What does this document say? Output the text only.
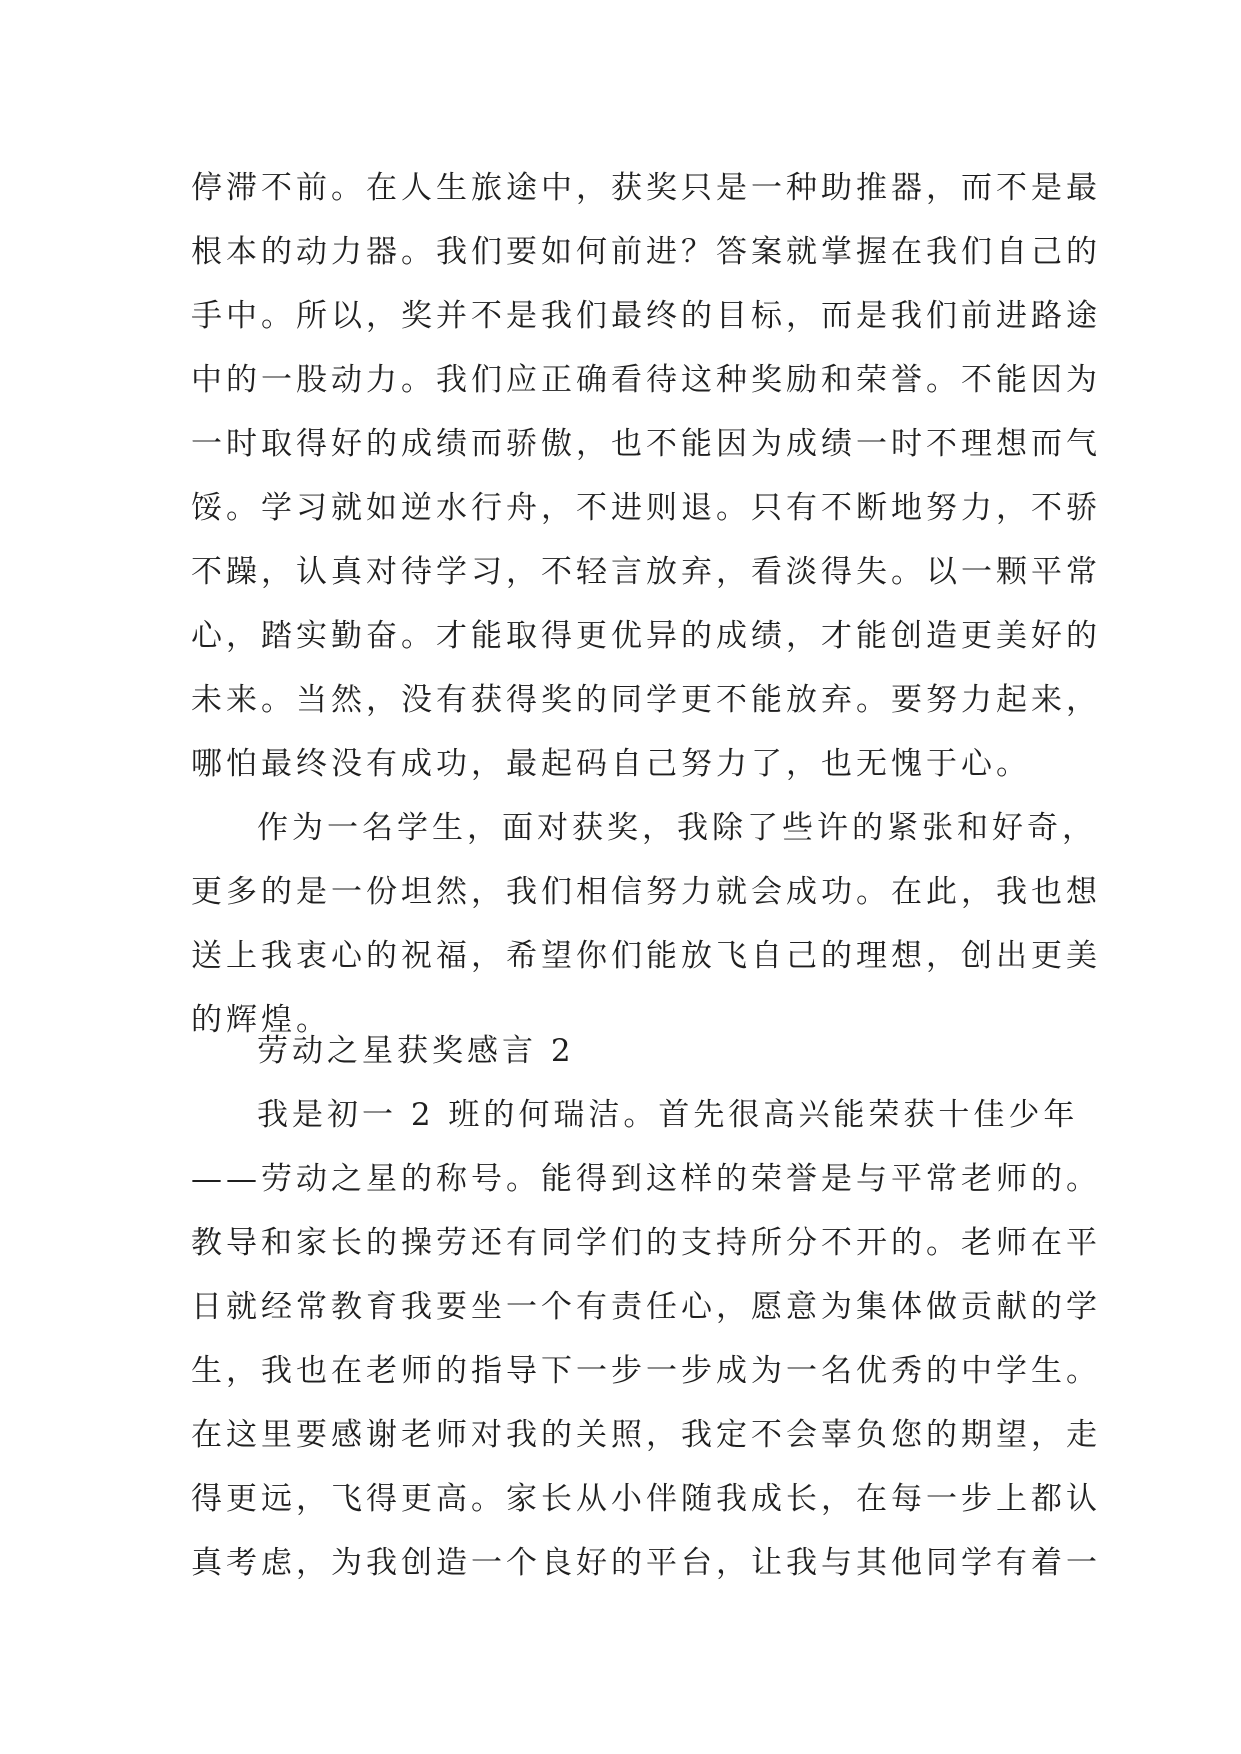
停滞不前。在人生旅途中，获奖只是一种助推器，而不是最
根本的动力器。我们要如何前进？答案就掌握在我们自己的
手中。所以，奖并不是我们最终的目标，而是我们前进路途
中的一股动力。我们应正确看待这种奖励和荣誉。不能因为
一时取得好的成绩而骄傲，也不能因为成绩一时不理想而气
馁。学习就如逆水行舟，不进则退。只有不断地努力，不骄
不躁，认真对待学习，不轻言放弃，看淡得失。以一颗平常
心，踏实勤奋。才能取得更优异的成绩，才能创造更美好的
未来。当然，没有获得奖的同学更不能放弃。要努力起来，
哪怕最终没有成功，最起码自己努力了，也无愧于心。
作为一名学生，面对获奖，我除了些许的紧张和好奇，
更多的是一份坦然，我们相信努力就会成功。在此，我也想
送上我衷心的祝福，希望你们能放飞自己的理想，创出更美
的辉煌。
劳动之星获奖感言 2
我是初一 2 班的何瑞洁。首先很高兴能荣获十佳少年
——劳动之星的称号。能得到这样的荣誉是与平常老师的。
教导和家长的操劳还有同学们的支持所分不开的。老师在平
日就经常教育我要坐一个有责任心，愿意为集体做贡献的学
生，我也在老师的指导下一步一步成为一名优秀的中学生。
在这里要感谢老师对我的关照，我定不会辜负您的期望，走
得更远，飞得更高。家长从小伴随我成长，在每一步上都认
真考虑，为我创造一个良好的平台，让我与其他同学有着一
